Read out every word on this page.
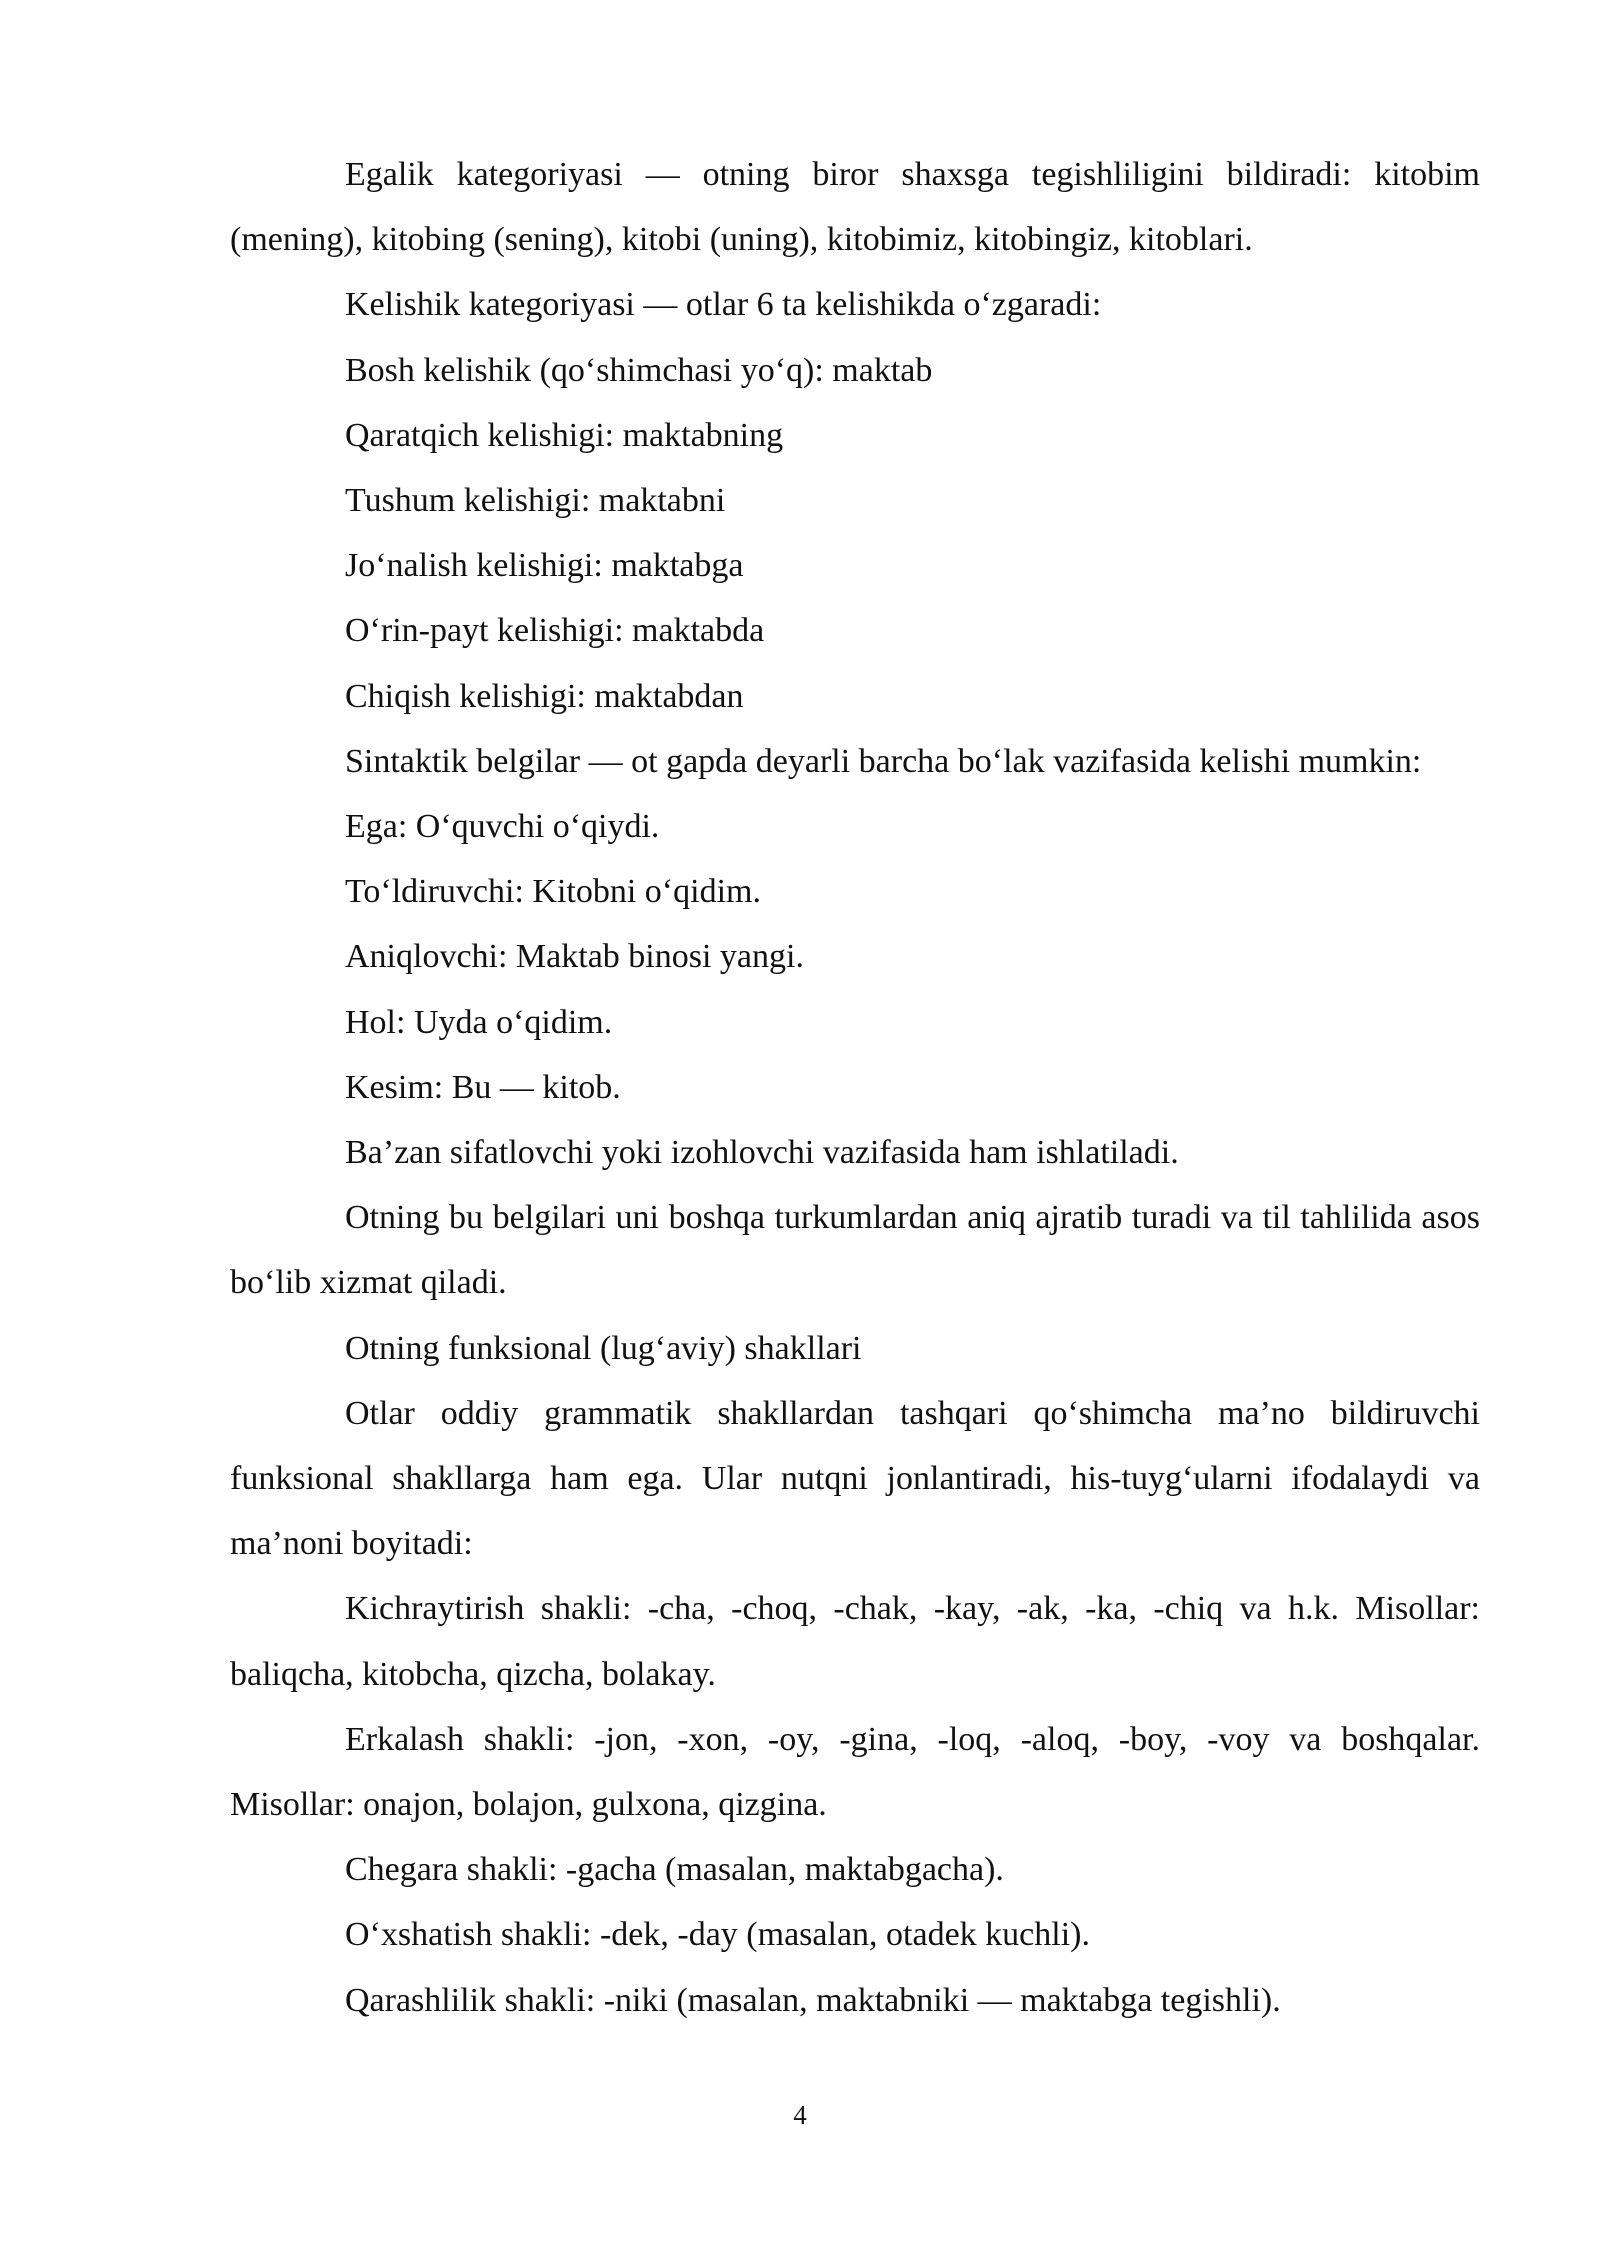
Egalik kategoriyasi — otning biror shaxsga tegishliligini bildiradi: kitobim (mening), kitobing (sening), kitobi (uning), kitobimiz, kitobingiz, kitoblari.

Kelishik kategoriyasi — otlar 6 ta kelishikda oʻzgaradi:

Bosh kelishik (qoʻshimchasi yoʻq): maktab

Qaratqich kelishigi: maktabning

Tushum kelishigi: maktabni

Joʻnalish kelishigi: maktabga

Oʻrin-payt kelishigi: maktabda

Chiqish kelishigi: maktabdan

Sintaktik belgilar — ot gapda deyarli barcha boʻlak vazifasida kelishi mumkin:

Ega: Oʻquvchi oʻqiydi.

Toʻldiruvchi: Kitobni oʻqidim.

Aniqlovchi: Maktab binosi yangi.

Hol: Uyda oʻqidim.

Kesim: Bu — kitob.

Ba’zan sifatlovchi yoki izohlovchi vazifasida ham ishlatiladi.

Otning bu belgilari uni boshqa turkumlardan aniq ajratib turadi va til tahlilida asos boʻlib xizmat qiladi.

Otning funksional (lugʻaviy) shakllari

Otlar oddiy grammatik shakllardan tashqari qoʻshimcha ma’no bildiruvchi funksional shakllarga ham ega. Ular nutqni jonlantiradi, his-tuygʻularni ifodalaydi va ma’noni boyitadi:

Kichraytirish shakli: -cha, -choq, -chak, -kay, -ak, -ka, -chiq va h.k. Misollar: baliqcha, kitobcha, qizcha, bolakay.

Erkalash shakli: -jon, -xon, -oy, -gina, -loq, -aloq, -boy, -voy va boshqalar. Misollar: onajon, bolajon, gulxona, qizgina.

Chegara shakli: -gacha (masalan, maktabgacha).

Oʻxshatish shakli: -dek, -day (masalan, otadek kuchli).

Qarashlilik shakli: -niki (masalan, maktabniki — maktabga tegishli).

4
